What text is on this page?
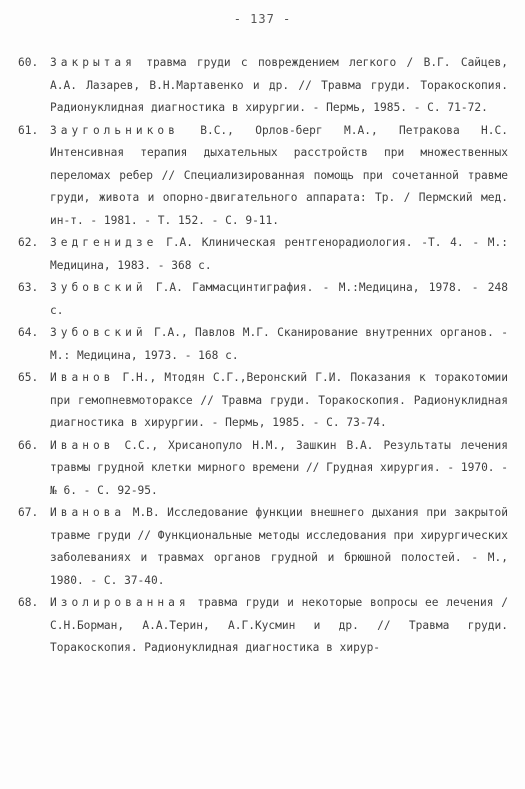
- 137 -

60. Закрытая травма груди с повреждением легкого / В.Г. Сайцев, А.А. Лазарев, В.Н.Мартавенко и др. // Травма груди. Торакоскопия. Радионуклидная диагностика в хирургии. - Пермь, 1985. - С. 71-72.

61. Заугольников В.С., Орлов-берг М.А., Петракова Н.С. Интенсивная терапия дыхательных расстройств при множественных переломах ребер // Специализированная помощь при сочетанной травме груди, живота и опорно-двигательного аппарата: Тр. / Пермский мед. ин-т. - 1981. - Т. 152. - С. 9-11.

62. Зедгенидзе Г.А. Клиническая рентгенорадиология. -Т. 4. - М.: Медицина, 1983. - 368 с.

63. Зубовский Г.А. Гаммасцинтиграфия. - М.:Медицина, 1978. - 248 с.

64. Зубовский Г.А., Павлов М.Г. Сканирование внутренних органов. - М.: Медицина, 1973. - 168 с.

65. Иванов Г.Н., Мтодян С.Г.,Веронский Г.И. Показания к торакотомии при гемопневмотораксе // Травма груди. Торакоскопия. Радионуклидная диагностика в хирургии. - Пермь, 1985. - С. 73-74.

66. Иванов С.С., Хрисанопуло Н.М., Зашкин В.А. Результаты лечения травмы грудной клетки мирного времени // Грудная хирургия. - 1970. - № 6. - С. 92-95.

67. Иванова М.В. Исследование функции внешнего дыхания при закрытой травме груди // Функциональные методы исследования при хирургических заболеваниях и травмах органов грудной и брюшной полостей. - М., 1980. - С. 37-40.

68. Изолированная травма груди и некоторые вопросы ее лечения / С.Н.Борман, А.А.Терин, А.Г.Кусмин и др. // Травма груди. Торакоскопия. Радионуклидная диагностика в хирур-
